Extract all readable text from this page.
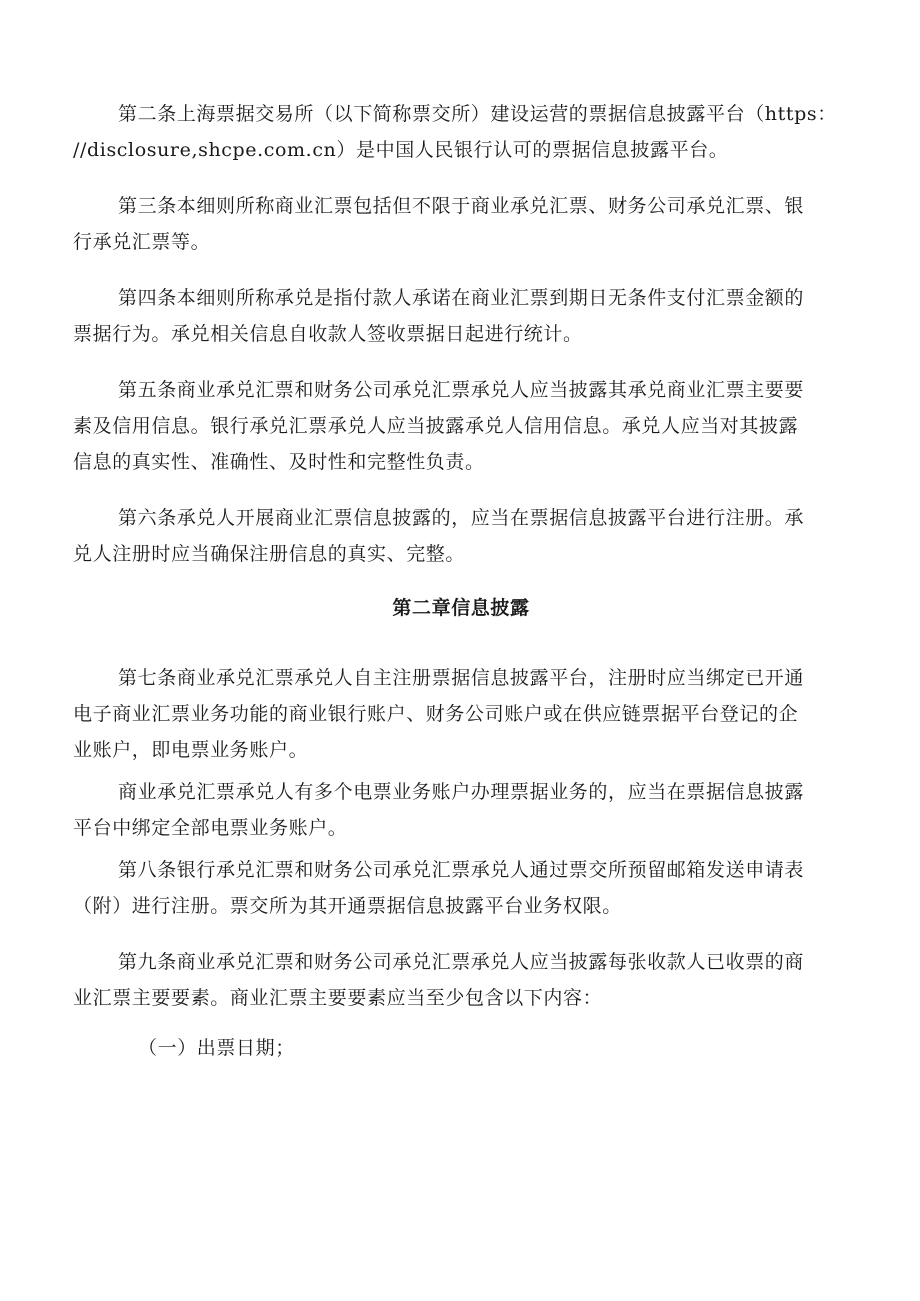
第二条上海票据交易所（以下简称票交所）建设运营的票据信息披露平台（https：
//disclosure,shcpe.com.cn）是中国人民银行认可的票据信息披露平台。

第三条本细则所称商业汇票包括但不限于商业承兑汇票、财务公司承兑汇票、银
行承兑汇票等。

第四条本细则所称承兑是指付款人承诺在商业汇票到期日无条件支付汇票金额的
票据行为。承兑相关信息自收款人签收票据日起进行统计。

第五条商业承兑汇票和财务公司承兑汇票承兑人应当披露其承兑商业汇票主要要
素及信用信息。银行承兑汇票承兑人应当披露承兑人信用信息。承兑人应当对其披露
信息的真实性、准确性、及时性和完整性负责。

第六条承兑人开展商业汇票信息披露的，应当在票据信息披露平台进行注册。承
兑人注册时应当确保注册信息的真实、完整。

第二章信息披露

第七条商业承兑汇票承兑人自主注册票据信息披露平台，注册时应当绑定已开通
电子商业汇票业务功能的商业银行账户、财务公司账户或在供应链票据平台登记的企
业账户，即电票业务账户。

商业承兑汇票承兑人有多个电票业务账户办理票据业务的，应当在票据信息披露
平台中绑定全部电票业务账户。

第八条银行承兑汇票和财务公司承兑汇票承兑人通过票交所预留邮箱发送申请表
（附）进行注册。票交所为其开通票据信息披露平台业务权限。

第九条商业承兑汇票和财务公司承兑汇票承兑人应当披露每张收款人已收票的商
业汇票主要要素。商业汇票主要要素应当至少包含以下内容：

（一）出票日期；
